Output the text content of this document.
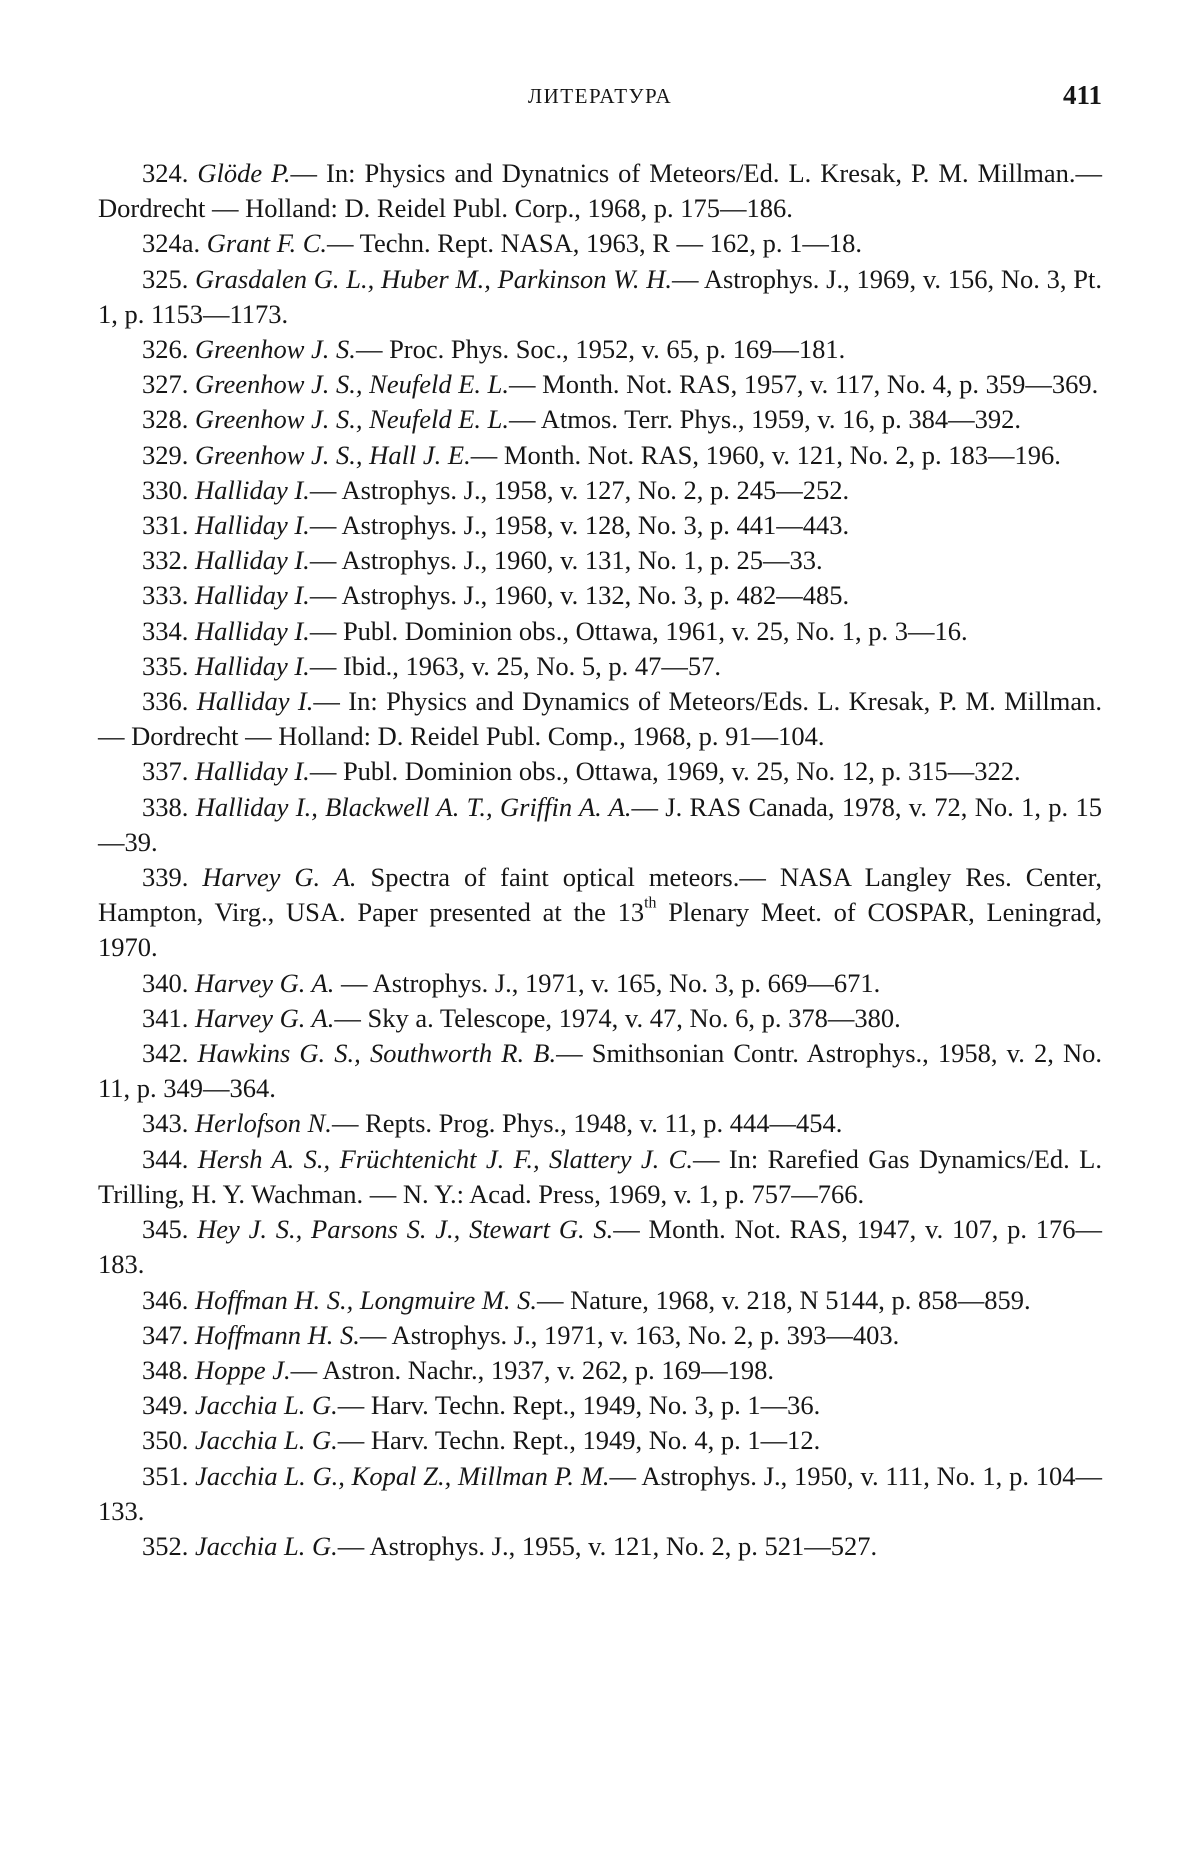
ЛИТЕРАТУРА	411
324. Glöde P.— In: Physics and Dynatnics of Meteors/Ed. L. Kresak, P. M. Millman.— Dordrecht — Holland: D. Reidel Publ. Corp., 1968, p. 175—186.
324a. Grant F. C.— Techn. Rept. NASA, 1963, R — 162, p. 1—18.
325. Grasdalen G. L., Huber M., Parkinson W. H.— Astrophys. J., 1969, v. 156, No. 3, Pt. 1, p. 1153—1173.
326. Greenhow J. S.— Proc. Phys. Soc., 1952, v. 65, p. 169—181.
327. Greenhow J. S., Neufeld E. L.— Month. Not. RAS, 1957, v. 117, No. 4, p. 359—369.
328. Greenhow J. S., Neufeld E. L.— Atmos. Terr. Phys., 1959, v. 16, p. 384—392.
329. Greenhow J. S., Hall J. E.— Month. Not. RAS, 1960, v. 121, No. 2, p. 183—196.
330. Halliday I.— Astrophys. J., 1958, v. 127, No. 2, p. 245—252.
331. Halliday I.— Astrophys. J., 1958, v. 128, No. 3, p. 441—443.
332. Halliday I.— Astrophys. J., 1960, v. 131, No. 1, p. 25—33.
333. Halliday I.— Astrophys. J., 1960, v. 132, No. 3, p. 482—485.
334. Halliday I.— Publ. Dominion obs., Ottawa, 1961, v. 25, No. 1, p. 3—16.
335. Halliday I.— Ibid., 1963, v. 25, No. 5, p. 47—57.
336. Halliday I.— In: Physics and Dynamics of Meteors/Eds. L. Kresak, P. M. Millman.— Dordrecht — Holland: D. Reidel Publ. Comp., 1968, p. 91—104.
337. Halliday I.— Publ. Dominion obs., Ottawa, 1969, v. 25, No. 12, p. 315—322.
338. Halliday I., Blackwell A. T., Griffin A. A.— J. RAS Canada, 1978, v. 72, No. 1, p. 15—39.
339. Harvey G. A. Spectra of faint optical meteors.— NASA Langley Res. Center, Hampton, Virg., USA. Paper presented at the 13th Plenary Meet. of COSPAR, Leningrad, 1970.
340. Harvey G. A. — Astrophys. J., 1971, v. 165, No. 3, p. 669—671.
341. Harvey G. A.— Sky a. Telescope, 1974, v. 47, No. 6, p. 378—380.
342. Hawkins G. S., Southworth R. B.— Smithsonian Contr. Astrophys., 1958, v. 2, No. 11, p. 349—364.
343. Herlofson N.— Repts. Prog. Phys., 1948, v. 11, p. 444—454.
344. Hersh A. S., Früchtenicht J. F., Slattery J. C.— In: Rarefied Gas Dynamics/Ed. L. Trilling, H. Y. Wachman. — N. Y.: Acad. Press, 1969, v. 1, p. 757—766.
345. Hey J. S., Parsons S. J., Stewart G. S.— Month. Not. RAS, 1947, v. 107, p. 176—183.
346. Hoffman H. S., Longmuire M. S.— Nature, 1968, v. 218, N 5144, p. 858—859.
347. Hoffmann H. S.— Astrophys. J., 1971, v. 163, No. 2, p. 393—403.
348. Hoppe J.— Astron. Nachr., 1937, v. 262, p. 169—198.
349. Jacchia L. G.— Harv. Techn. Rept., 1949, No. 3, p. 1—36.
350. Jacchia L. G.— Harv. Techn. Rept., 1949, No. 4, p. 1—12.
351. Jacchia L. G., Kopal Z., Millman P. M.— Astrophys. J., 1950, v. 111, No. 1, p. 104—133.
352. Jacchia L. G.— Astrophys. J., 1955, v. 121, No. 2, p. 521—527.
